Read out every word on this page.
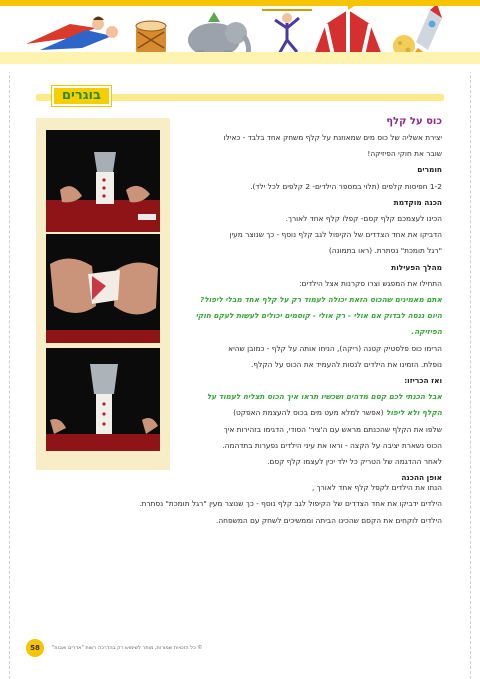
בוגרים

כוס על קלף

יצירת אשליה של כוס מים שמאוזנת על קלף משחק אחד בלבד - כאילו

שובר את חוקי הפיזיקה!

חומרים

1-2 חפיסות קלפים (תלוי במספר הילדים- 2 קלפים לכל ילד).

הכנה מוקדמת

הכינו לעצמכם קלף קסם- קפלו קלף אחד לאורך.

הדביקו את אחד הצדדים של הקיפול לגב קלף נוסף - כך שנוצר מעין

"רגל תומכת" נסתרת. (ראו בתמונה)

מהלך הפעילות

התחילו את המפגש וצרו סקרנות אצל הילדים:

אתם מאמינים שהכוס הזאת יכולה לעמוד רק על קלף אחד מבלי ליפול?

היום ננסה לבדוק אם אולי - רק אולי - קוסמים יכולים לעשות לעקם חוקי

הפיזיקה.

הרימו כוס פלסטיק קטנה (ריקה), הניחו אותה על קלף - כמובן שהיא

נופלת. הזמינו את הילדים לנסות להעמיד את הכוס על הקלף.

ואז הכריזו:

אבל הכנתי לכם קסם מדהים ושכשיו תראו איך הכוס תצליח לעמוד על

הקלף ולא ליפול (אפשר למלא מעט מים בכוס להעצמת האפקט)

שלפו את הקלף שהכנתם מראש עם ה'ציר' הסודי, הדגימו בזהירות איך

הכוס נשארת יציבה על הקצה - וראו את עיני הילדים נפערות בתדהמה.

לאחר ההדגמה של הטריק כל ילד יכין לעצמו קלף קסם.

אופן ההכנה

הנחו את הילדים לקפל קלף אחד לאורך ,

הילדים ידביקו את אחד הצדדים של הקיפול לגב קלף נוסף - כך שנוצר מעין "רגל תומכת" נסתרת.

הילדים לוקחים את הקסם שהכינו הביתה וממשיכים לשחק עם המשפחה.

58	© כל הזכויות שמורות, מותר לשימוש רק בהדרכה רשות "אדרים ואבות"
